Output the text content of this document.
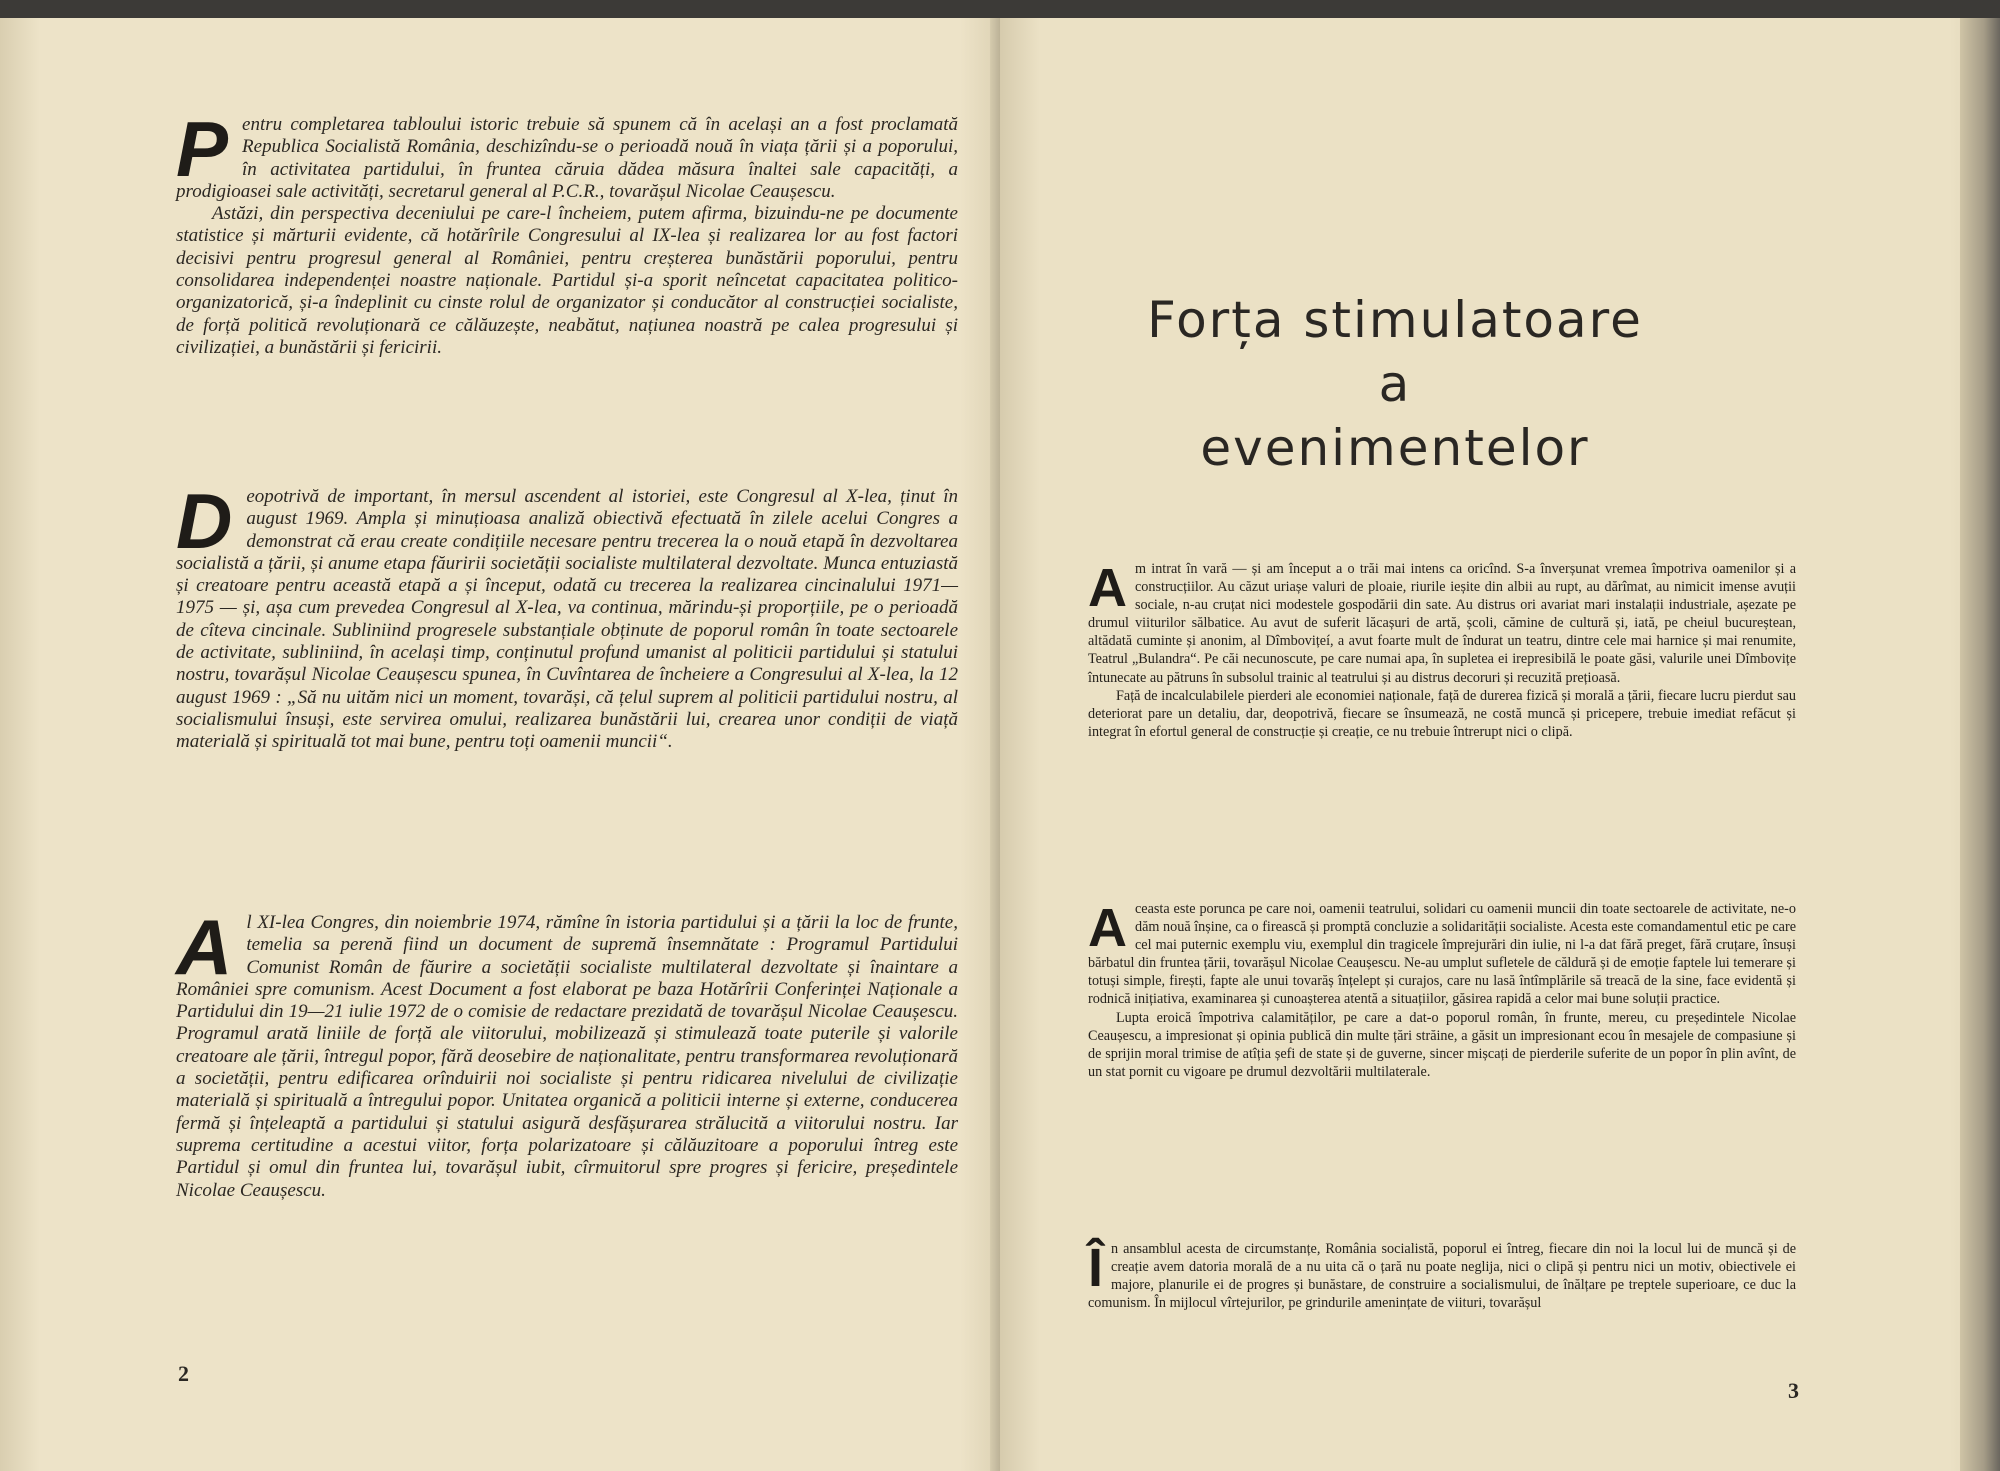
P entru completarea tabloului istoric trebuie să spunem că în același an a fost proclamată Republica Socialistă România, deschizîndu-se o perioadă nouă în viața țării și a poporului, în activitatea partidului, în fruntea căruia dădea măsura înaltei sale capacități, a prodigioasei sale activități, secretarul general al P.C.R., tovarășul Nicolae Ceaușescu.

Astăzi, din perspectiva deceniului pe care-l încheiem, putem afirma, bizuindu-ne pe documente statistice și mărturii evidente, că hotărîrile Congresului al IX-lea și realizarea lor au fost factori decisivi pentru progresul general al României, pentru creșterea bunăstării poporului, pentru consolidarea independenței noastre naționale. Partidul și-a sporit neîncetat capacitatea politico-organizatorică, și-a îndeplinit cu cinste rolul de organizator și conducător al construcției socialiste, de forță politică revoluționară ce călăuzește, neabătut, națiunea noastră pe calea progresului și civilizației, a bunăstării și fericirii.

D eopotrivă de important, în mersul ascendent al istoriei, este Congresul al X-lea, ținut în august 1969. Ampla și minuțioasa analiză obiectivă efectuată în zilele acelui Congres a demonstrat că erau create condițiile necesare pentru trecerea la o nouă etapă în dezvoltarea socialistă a țării, și anume etapa făuririi societății socialiste multilateral dezvoltate. Munca entuziastă și creatoare pentru această etapă a și început, odată cu trecerea la realizarea cincinalului 1971—1975 — și, așa cum prevedea Congresul al X-lea, va continua, mărindu-și proporțiile, pe o perioadă de cîteva cincinale. Subliniind progresele substanțiale obținute de poporul român în toate sectoarele de activitate, subliniind, în același timp, conținutul profund umanist al politicii partidului și statului nostru, tovarășul Nicolae Ceaușescu spunea, în Cuvîntarea de încheiere a Congresului al X-lea, la 12 august 1969 : „Să nu uităm nici un moment, tovarăși, că țelul suprem al politicii partidului nostru, al socialismului însuși, este servirea omului, realizarea bunăstării lui, crearea unor condiții de viață materială și spirituală tot mai bune, pentru toți oamenii muncii“.

A l XI-lea Congres, din noiembrie 1974, rămîne în istoria partidului și a țării la loc de frunte, temelia sa perenă fiind un document de supremă însemnătate : Programul Partidului Comunist Român de făurire a societății socialiste multilateral dezvoltate și înaintare a României spre comunism. Acest Document a fost elaborat pe baza Hotărîrii Conferinței Naționale a Partidului din 19—21 iulie 1972 de o comisie de redactare prezidată de tovarășul Nicolae Ceaușescu. Programul arată liniile de forță ale viitorului, mobilizează și stimulează toate puterile și valorile creatoare ale țării, întregul popor, fără deosebire de naționalitate, pentru transformarea revoluționară a societății, pentru edificarea orînduirii noi socialiste și pentru ridicarea nivelului de civilizație materială și spirituală a întregului popor. Unitatea organică a politicii interne și externe, conducerea fermă și înțeleaptă a partidului și statului asigură desfășurarea strălucită a viitorului nostru. Iar suprema certitudine a acestui viitor, forța polarizatoare și călăuzitoare a poporului întreg este Partidul și omul din fruntea lui, tovarășul iubit, cîrmuitorul spre progres și fericire, președintele Nicolae Ceaușescu.

2
Forța stimulatoare
a
evenimentelor

A m intrat în vară — și am început a o trăi mai intens ca oricînd. S-a înverșunat vremea împotriva oamenilor și a construcțiilor. Au căzut uriașe valuri de ploaie, riurile ieșite din albii au rupt, au dărîmat, au nimicit imense avuții sociale, n-au cruțat nici modestele gospodării din sate. Au distrus ori avariat mari instalații industriale, așezate pe drumul viiturilor sălbatice. Au avut de suferit lăcașuri de artă, școli, cămine de cultură și, iată, pe cheiul bucureștean, altădată cuminte și anonim, al Dîmbovițeí, a avut foarte mult de îndurat un teatru, dintre cele mai harnice și mai renumite, Teatrul „Bulandra“. Pe căi necunoscute, pe care numai apa, în supletea ei irepresibilă le poate găsi, valurile unei Dîmbovițe întunecate au pătruns în subsolul trainic al teatrului și au distrus decoruri și recuzită prețioasă.

Față de incalculabilele pierderi ale economiei naționale, față de durerea fizică și morală a țării, fiecare lucru pierdut sau deteriorat pare un detaliu, dar, deopotrivă, fiecare se însumează, ne costă muncă și pricepere, trebuie imediat refăcut și integrat în efortul general de construcție și creație, ce nu trebuie întrerupt nici o clipă.

A ceasta este porunca pe care noi, oamenii teatrului, solidari cu oamenii muncii din toate sectoarele de activitate, ne-o dăm nouă înșine, ca o firească și promptă concluzie a solidarității socialiste. Acesta este comandamentul etic pe care cel mai puternic exemplu viu, exemplul din tragicele împrejurări din iulie, ni l-a dat fără preget, fără cruțare, însuși bărbatul din fruntea țării, tovarășul Nicolae Ceaușescu. Ne-au umplut sufletele de căldură și de emoție faptele lui temerare și totuși simple, firești, fapte ale unui tovarăș înțelept și curajos, care nu lasă întîmplările să treacă de la sine, face evidentă și rodnică inițiativa, examinarea și cunoașterea atentă a situațiilor, găsirea rapidă a celor mai bune soluții practice.

Lupta eroică împotriva calamităților, pe care a dat-o poporul român, în frunte, mereu, cu președintele Nicolae Ceaușescu, a impresionat și opinia publică din multe țări străine, a găsit un impresionant ecou în mesajele de compasiune și de sprijin moral trimise de atîția șefi de state și de guverne, sincer mișcați de pierderile suferite de un popor în plin avînt, de un stat pornit cu vigoare pe drumul dezvoltării multilaterale.

Î n ansamblul acesta de circumstanțe, România socialistă, poporul ei întreg, fiecare din noi la locul lui de muncă și de creație avem datoria morală de a nu uita că o țară nu poate neglija, nici o clipă și pentru nici un motiv, obiectivele ei majore, planurile ei de progres și bunăstare, de construire a socialismului, de înălțare pe treptele superioare, ce duc la comunism. În mijlocul vîrtejurilor, pe grindurile amenințate de viituri, tovarășul

3
